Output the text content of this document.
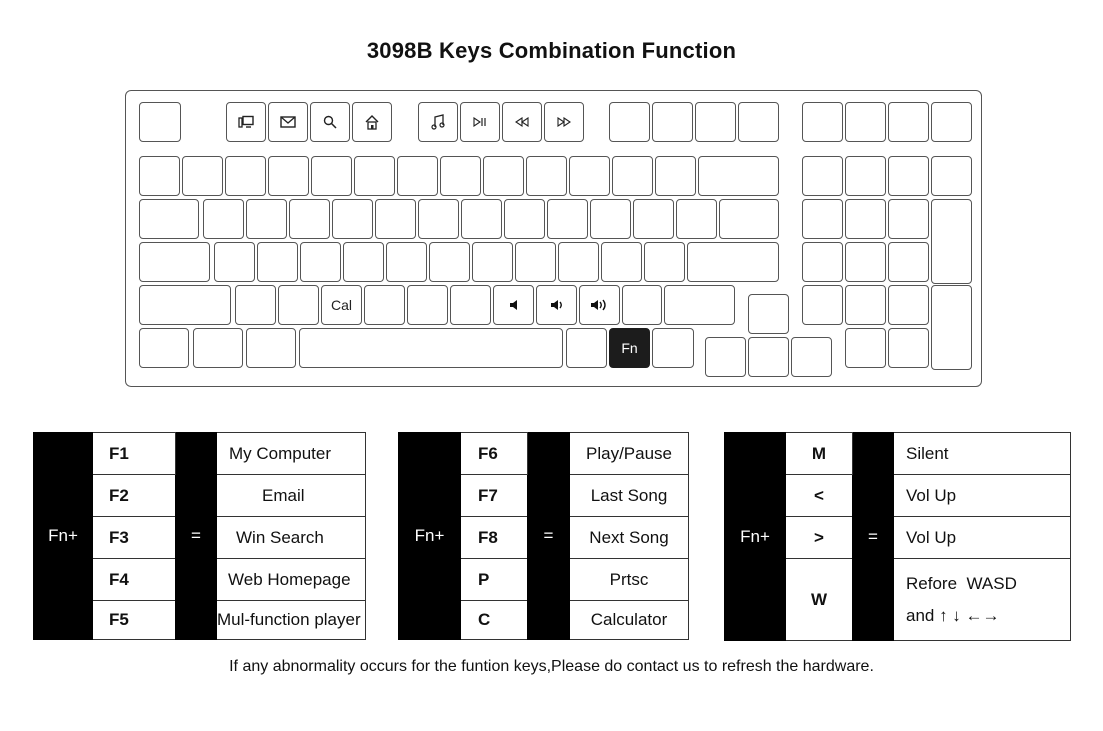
3098B Keys Combination Function
Cal
Fn
Fn+	F1	=	My Computer
	F2		Email
	F3		Win Search
	F4		Web Homepage
	F5		Mul-function player
Fn+	F6	=	Play/Pause
	F7		Last Song
	F8		Next Song
	P		Prtsc
	C		Calculator
Fn+	M	=	Silent
	<		Vol Up
	>		Vol Up
	W		Refore  WASD
and ↑ ↓ ←→
If any abnormality occurs for the funtion keys,Please do contact us to refresh the hardware.
